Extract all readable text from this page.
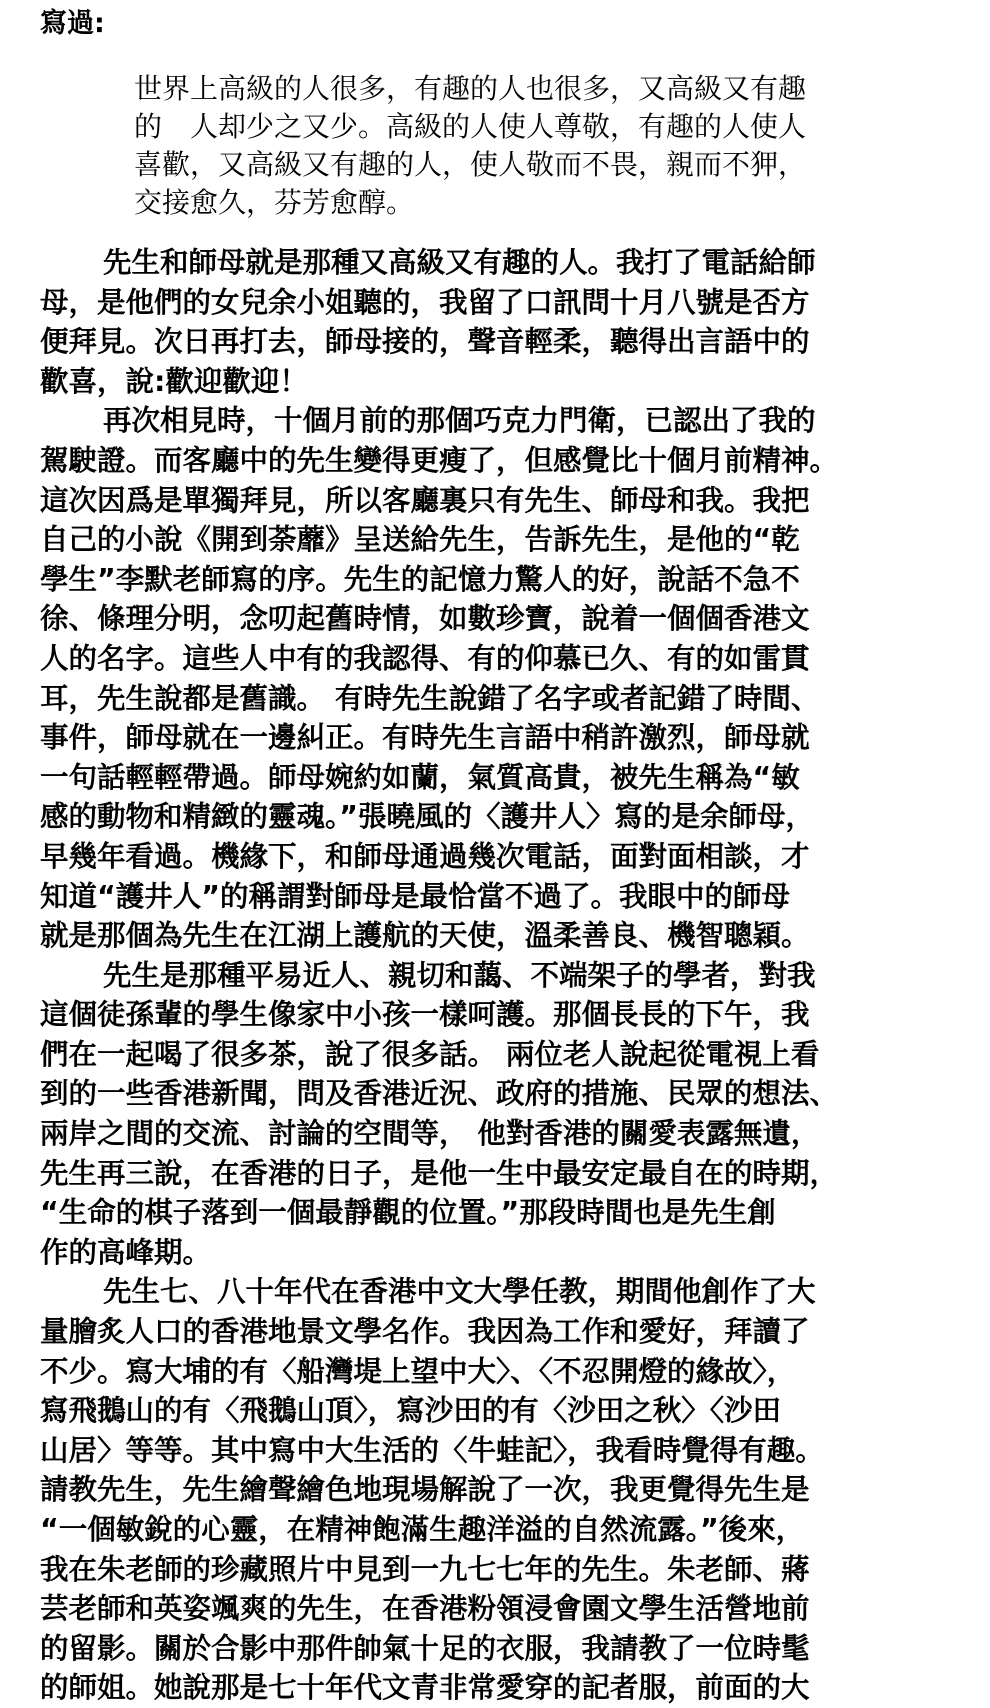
寫過:
世界上高級的人很多，有趣的人也很多，又高級又有趣
的　人却少之又少。高級的人使人尊敬，有趣的人使人
喜歡，又高級又有趣的人，使人敬而不畏，親而不狎，
交接愈久，芬芳愈醇。
先生和師母就是那種又高級又有趣的人。我打了電話給師
母，是他們的女兒余小姐聽的，我留了口訊問十月八號是否方
便拜見。次日再打去，師母接的，聲音輕柔，聽得出言語中的
歡喜，說:歡迎歡迎！
再次相見時，十個月前的那個巧克力門衛，已認出了我的
駕駛證。而客廳中的先生變得更瘦了，但感覺比十個月前精神。
這次因爲是單獨拜見，所以客廳裏只有先生、師母和我。我把
自己的小說《開到荼蘼》呈送給先生，告訴先生，是他的“乾
學生”李默老師寫的序。先生的記憶力驚人的好，說話不急不
徐、條理分明，念叨起舊時情，如數珍寶，說着一個個香港文
人的名字。這些人中有的我認得、有的仰慕已久、有的如雷貫
耳，先生說都是舊識。 有時先生說錯了名字或者記錯了時間、
事件，師母就在一邊糾正。有時先生言語中稍許激烈，師母就
一句話輕輕帶過。師母婉約如蘭，氣質高貴，被先生稱為“敏
感的動物和精緻的靈魂。”張曉風的〈護井人〉寫的是余師母，
早幾年看過。機緣下，和師母通過幾次電話，面對面相談，才
知道“護井人”的稱謂對師母是最恰當不過了。我眼中的師母
就是那個為先生在江湖上護航的天使，溫柔善良、機智聰穎。
先生是那種平易近人、親切和藹、不端架子的學者，對我
這個徒孫輩的學生像家中小孩一樣呵護。那個長長的下午，我
們在一起喝了很多茶，說了很多話。 兩位老人說起從電視上看
到的一些香港新聞，問及香港近況、政府的措施、民眾的想法、
兩岸之間的交流、討論的空間等， 他對香港的關愛表露無遺，
先生再三說，在香港的日子，是他一生中最安定最自在的時期，
“生命的棋子落到一個最靜觀的位置。”那段時間也是先生創
作的高峰期。
先生七、八十年代在香港中文大學任教，期間他創作了大
量膾炙人口的香港地景文學名作。我因為工作和愛好，拜讀了
不少。寫大埔的有〈船灣堤上望中大〉、〈不忍開燈的緣故〉，
寫飛鵝山的有〈飛鵝山頂〉，寫沙田的有〈沙田之秋〉〈沙田
山居〉等等。其中寫中大生活的〈牛蛙記〉，我看時覺得有趣。
請教先生，先生繪聲繪色地現場解說了一次，我更覺得先生是
“一個敏銳的心靈，在精神飽滿生趣洋溢的自然流露。”後來，
我在朱老師的珍藏照片中見到一九七七年的先生。朱老師、蔣
芸老師和英姿颯爽的先生，在香港粉領浸會園文學生活營地前
的留影。關於合影中那件帥氣十足的衣服，我請教了一位時髦
的師姐。她說那是七十年代文青非常愛穿的記者服，前面的大
